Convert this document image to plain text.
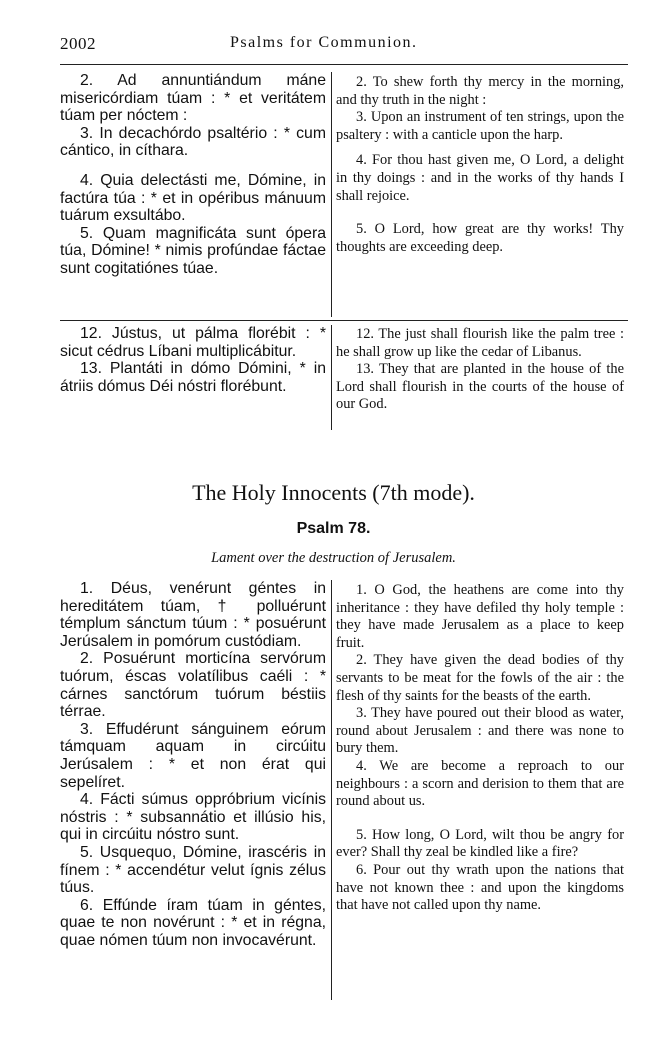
2002	Psalms for Communion.

2. Ad annuntiándum máne misericórdiam túam : * et veritátem túam per nóctem :

3. In decachórdo psaltério : * cum cántico, in cíthara.

4. Quia delectásti me, Dómine, in factúra túa : * et in opéribus mánuum tuárum exsultábo.

5. Quam magnificáta sunt ópera túa, Dómine! * nimis profúndae fáctae sunt cogitatiónes túae.

2. To shew forth thy mercy in the morning, and thy truth in the night :

3. Upon an instrument of ten strings, upon the psaltery : with a canticle upon the harp.

4. For thou hast given me, O Lord, a delight in thy doings : and in the works of thy hands I shall rejoice.

5. O Lord, how great are thy works! Thy thoughts are exceeding deep.

12. Jústus, ut pálma florébit : * sicut cédrus Líbani multiplicábitur.

13. Plantáti in dómo Dómini, * in átriis dómus Déi nóstri florébunt.

12. The just shall flourish like the palm tree : he shall grow up like the cedar of Libanus.

13. They that are planted in the house of the Lord shall flourish in the courts of the house of our God.

The Holy Innocents (7th mode).
Psalm 78.
Lament over the destruction of Jerusalem.

1. Déus, venérunt géntes in hereditátem túam, † polluérunt témplum sánctum túum : * posuérunt Jerúsalem in pomórum custódiam.

2. Posuérunt morticína servórum tuórum, éscas volatílibus caéli : * cárnes sanctórum tuórum béstiis térrae.

3. Effudérunt sánguinem eórum támquam aquam in circúitu Jerúsalem : * et non érat qui sepelíret.

4. Fácti súmus oppróbrium vicínis nóstris : * subsannátio et illúsio his, qui in circúitu nóstro sunt.

5. Usquequo, Dómine, irascéris in fínem : * accendétur velut ígnis zélus túus.

6. Effúnde íram túam in géntes, quae te non novérunt : * et in régna, quae nómen túum non invocavérunt.

1. O God, the heathens are come into thy inheritance : they have defiled thy holy temple : they have made Jerusalem as a place to keep fruit.

2. They have given the dead bodies of thy servants to be meat for the fowls of the air : the flesh of thy saints for the beasts of the earth.

3. They have poured out their blood as water, round about Jerusalem : and there was none to bury them.

4. We are become a reproach to our neighbours : a scorn and derision to them that are round about us.

5. How long, O Lord, wilt thou be angry for ever? Shall thy zeal be kindled like a fire?

6. Pour out thy wrath upon the nations that have not known thee : and upon the kingdoms that have not called upon thy name.
